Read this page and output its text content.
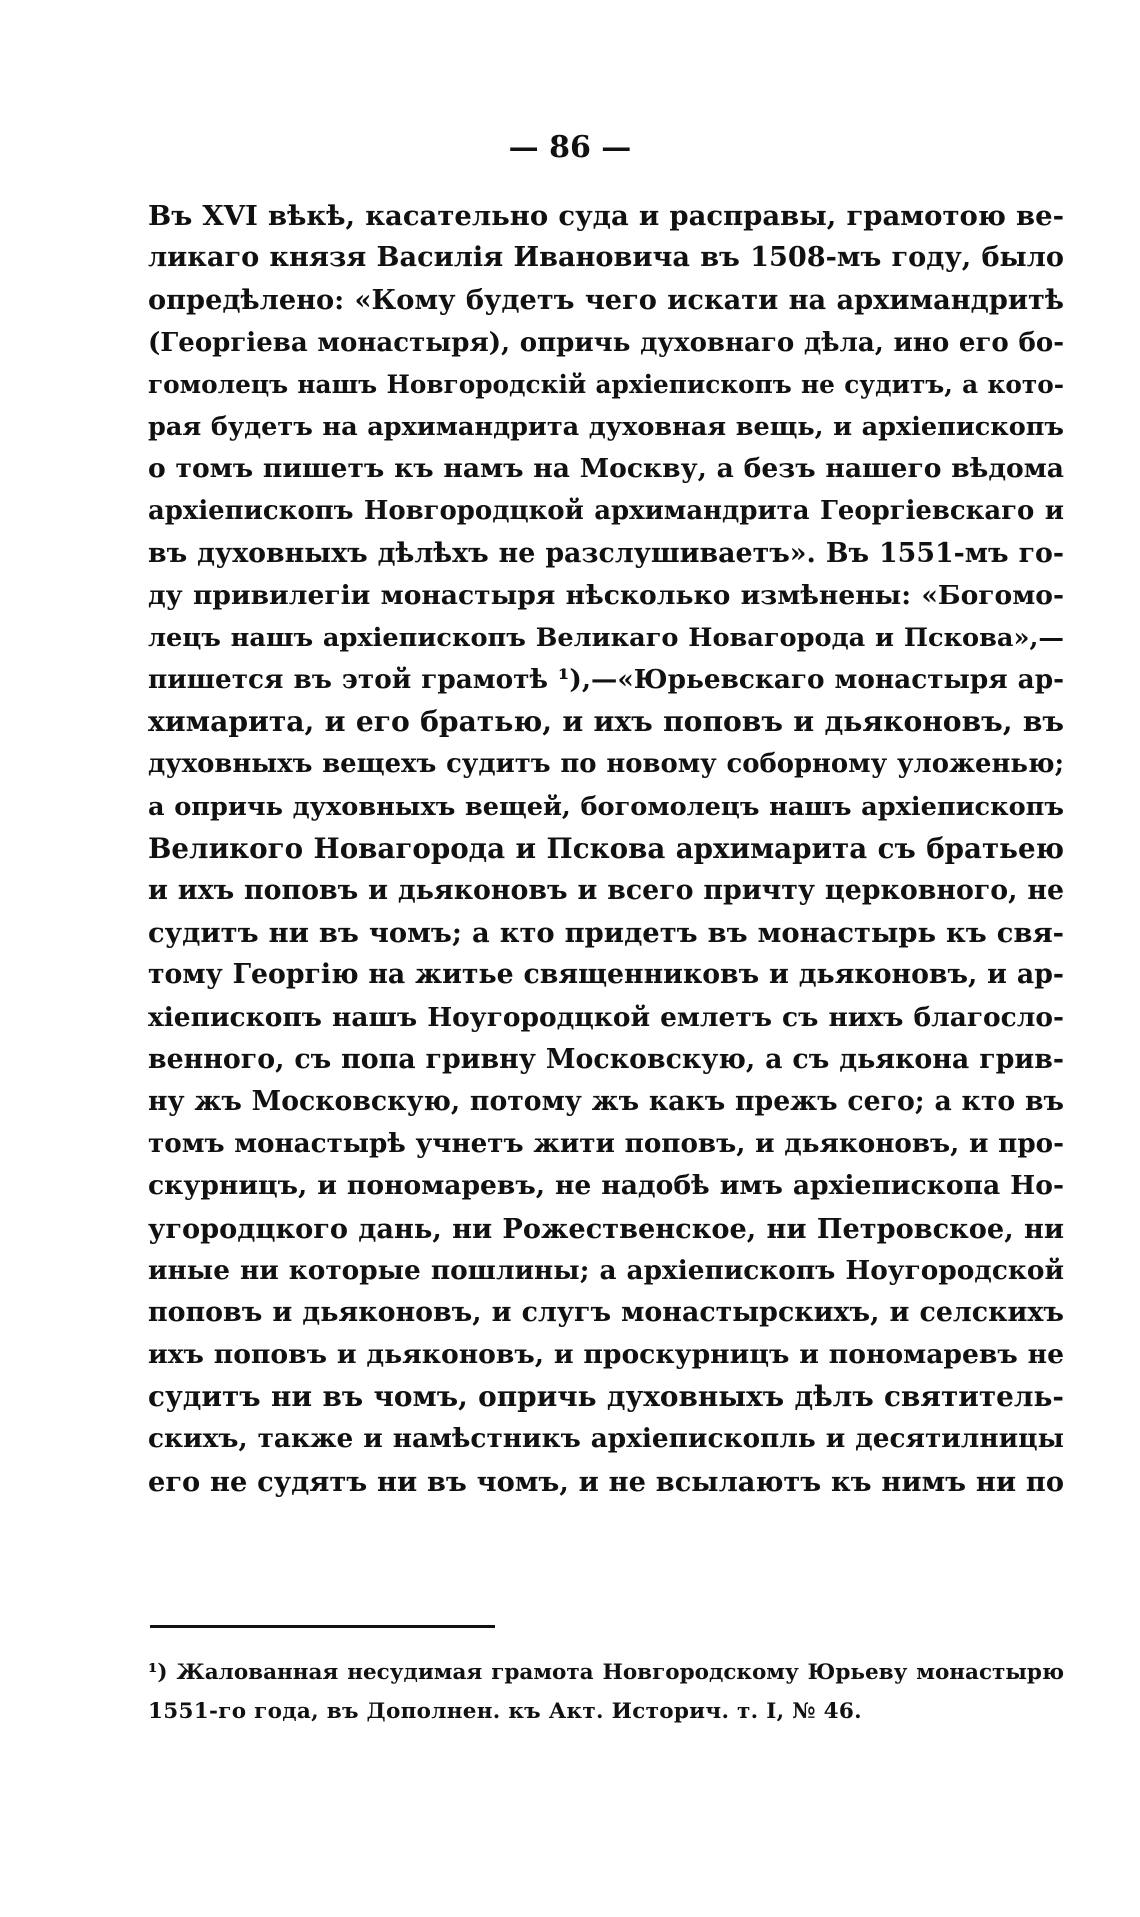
— 86 —
Въ XVI вѣкѣ, касательно суда и расправы, грамотою ве-
ликаго князя Василія Ивановича въ 1508-мъ году, было
опредѣлено: «Кому будетъ чего искати на архимандритѣ
(Георгіева монастыря), опричь духовнаго дѣла, ино его бо-
гомолецъ нашъ Новгородскій архіепископъ не судитъ, а кото-
рая будетъ на архимандрита духовная вещь, и архіепископъ
о томъ пишетъ къ намъ на Москву, а безъ нашего вѣдома
архіепископъ Новгородцкой архимандрита Георгіевскаго и
въ духовныхъ дѣлѣхъ не разслушиваетъ». Въ 1551-мъ го-
ду привилегіи монастыря нѣсколько измѣнены: «Богомо-
лецъ нашъ архіепископъ Великаго Новагорода и Пскова»,—
пишется въ этой грамотѣ ¹),—«Юрьевскаго монастыря ар-
химарита, и его братью, и ихъ поповъ и дьяконовъ, въ
духовныхъ вещехъ судитъ по новому соборному уложенью;
а опричь духовныхъ вещей, богомолецъ нашъ архіепископъ
Великого Новагорода и Пскова архимарита съ братьею
и ихъ поповъ и дьяконовъ и всего причту церковного, не
судитъ ни въ чомъ; а кто придетъ въ монастырь къ свя-
тому Георгію на житье священниковъ и дьяконовъ, и ар-
хіепископъ нашъ Ноугородцкой емлетъ съ нихъ благосло-
венного, съ попа гривну Московскую, а съ дьякона грив-
ну жъ Московскую, потому жъ какъ прежъ сего; а кто въ
томъ монастырѣ учнетъ жити поповъ, и дьяконовъ, и про-
скурницъ, и пономаревъ, не надобѣ имъ архіепископа Но-
угородцкого дань, ни Рожественское, ни Петровское, ни
иные ни которые пошлины; а архіепископъ Ноугородской
поповъ и дьяконовъ, и слугъ монастырскихъ, и селскихъ
ихъ поповъ и дьяконовъ, и проскурницъ и пономаревъ не
судитъ ни въ чомъ, опричь духовныхъ дѣлъ святитель-
скихъ, также и намѣстникъ архіепископль и десятилницы
его не судятъ ни въ чомъ, и не всылаютъ къ нимъ ни по
¹) Жалованная несудимая грамота Новгородскому Юрьеву монастырю
1551-го года, въ Дополнен. къ Акт. Историч. т. I, № 46.
